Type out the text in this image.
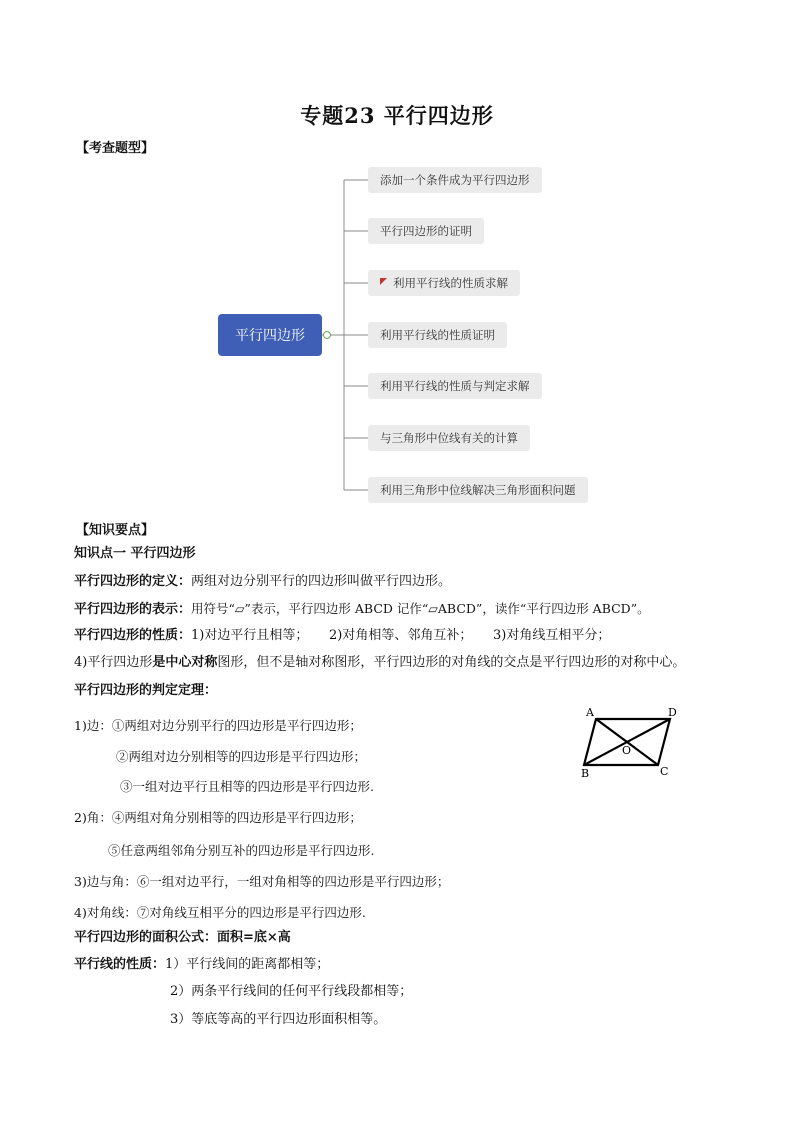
专题23 平行四边形
【考查题型】
平行四边形
添加一个条件成为平行四边形
平行四边形的证明
利用平行线的性质求解
利用平行线的性质证明
利用平行线的性质与判定求解
与三角形中位线有关的计算
利用三角形中位线解决三角形面积问题
【知识要点】
知识点一 平行四边形
平行四边形的定义：两组对边分别平行的四边形叫做平行四边形。
平行四边形的表示：用符号“▱”表示，平行四边形 ABCD 记作“▱ABCD”，读作“平行四边形 ABCD”。
平行四边形的性质：1)对边平行且相等；     2)对角相等、邻角互补；     3)对角线互相平分；
4)平行四边形是中心对称图形，但不是轴对称图形，平行四边形的对角线的交点是平行四边形的对称中心。
平行四边形的判定定理：
1)边：①两组对边分别平行的四边形是平行四边形；
②两组对边分别相等的四边形是平行四边形；
③一组对边平行且相等的四边形是平行四边形.
2)角：④两组对角分别相等的四边形是平行四边形；
⑤任意两组邻角分别互补的四边形是平行四边形.
3)边与角：⑥一组对边平行，一组对角相等的四边形是平行四边形；
4)对角线：⑦对角线互相平分的四边形是平行四边形.
平行四边形的面积公式：面积=底×高
平行线的性质：1）平行线间的距离都相等；
2）两条平行线间的任何平行线段都相等；
3）等底等高的平行四边形面积相等。
A	D
B	C
O
